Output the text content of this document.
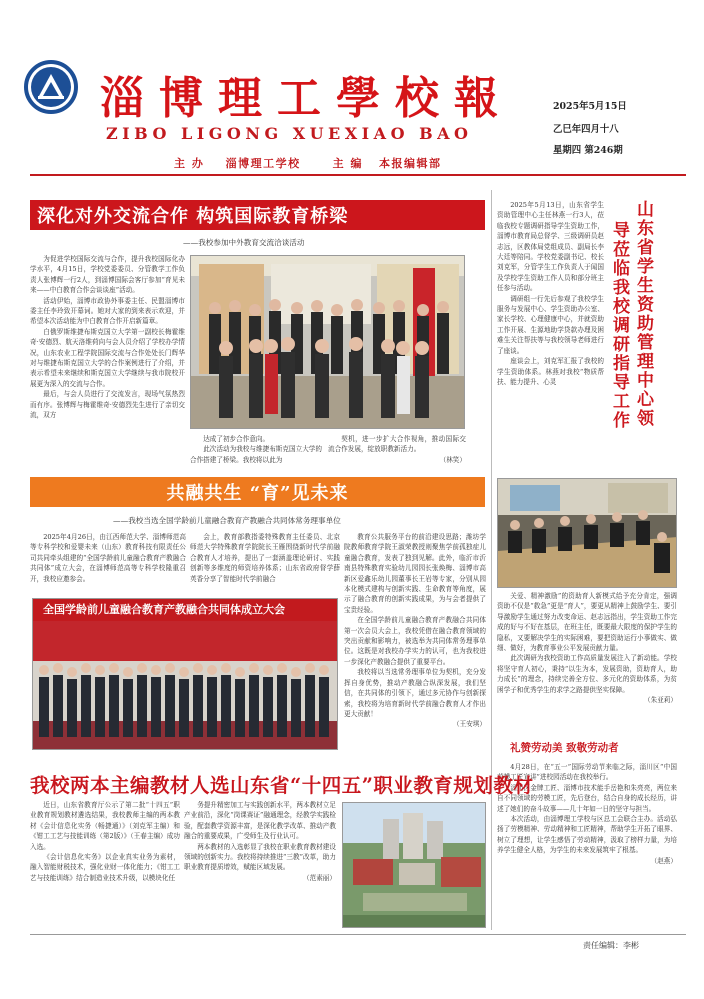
淄博理工學校報
ZIBO LIGONG XUEXIAO BAO
主 办 淄博理工学校	主 编 本报编辑部
2025年5月15日
乙巳年四月十八
星期四 第246期
深化对外交流合作 构筑国际教育桥梁
——我校参加中外教育交流洽谈活动

为促进学校国际交流与合作，提升我校国际化办学水平，4月15日，学校党委委员、分管教学工作负责人张博辉一行2人，到淄博国际会客厅参加“育见未来——中白教育合作会谈谈座”活动。

活动伊始，淄博市政协外事委主任、民盟淄博市委主任李玲致开幕词。她对大家的到来表示欢迎，并希望本次活动能为中白教育合作开启新篇章。

白俄罗斯维捷布斯克国立大学第一副校长梅霍维奇·安德烈、航天洛维荷向与会人员介绍了学校办学情况，山东农业工程学院国际交流与合作处处长门辉华对与维捷布斯克国立大学的合作案例进行了介绍，并表示希望未来继续和斯克国立大学继续与我市院校开展更为深入的交流与合作。

最后，与会人员进行了交流发言，现场气氛热烈而有序。张博辉与梅霍维奇·安德烈先生进行了亲切交流，双方

达成了初步合作意向。

此次活动为我校与维捷布斯克国立大学的合作搭建了桥梁。我校将以此为

契机，进一步扩大合作视角，推动国际交流合作发展，绽放职教新活力。

（林笑）

2025年5月13日，山东省学生资助管理中心主任林燕一行3人，莅临我校专题调研指导学生资助工作，淄博市教育局总督学、三级调研员赵志远，区教体局党组成员、副局长李大廷等陪同。学校党委副书记、校长刘克军，分管学生工作负责人于闻国及学校学生资助工作人员和部分班主任参与活动。

调研组一行先后参观了我校学生服务与发展中心、学生资助办公室、家长学校、心理健康中心，并就资助工作开展、生源地助学贷款办理及困难生关注帮扶等与我校领导老师进行了座谈。

座谈会上，刘克军汇报了我校的学生资助体系。林燕对我校“物质帮扶、能力提升、心灵

导莅临我校调研指导工作
山东省学生资助管理中心领

关爱、精神激励”的资助育人新模式给予充分肯定，强调资助不仅是“救急”更是“育人”，要更从精神上鼓励学生、要引导激励学生通过努力改变命运、赵志远指出，学生资助工作完成的好与不好在基层，在班主任，既要最大限度的保护学生的隐私，又要解决学生的实际困难，要把资助运行小事做实、做细、做好，为教育事业公平发展贡献力量。

此次调研为我校资助工作高质量发展注入了新动能。学校将坚守育人初心，秉持“以生为本，发展资助，资助育人，助力成长”的理念，持续完善全方位、多元化的资助体系，为贫困学子和优秀学生的求学之路提供坚实保障。

（朱亚莉）
礼赞劳动美 致敬劳动者

4月28日，在“五一”国际劳动节来临之际，淄川区“中国劳模工匠宣讲”进校园活动在我校举行。

淄川区金牌工匠、淄博市技术能手岳艳和朱亮亮，两位来自不同领域的劳模工匠，先后登台，结合自身的成长经历，讲述了她们的奋斗故事——几十年如一日的坚守与担当。

本次活动，由淄博理工学校与区总工会联合主办。活动弘扬了劳模精神、劳动精神和工匠精神，帮助学生开拓了眼界、树立了理想，让学生感悟了劳动精神，汲取了榜样力量，为培养学生健全人格，为学生的未来发展筑牢了根基。

（赵燕）
共融共生 “育”见未来
——我校当选全国学龄前儿童融合教育产教融合共同体常务理事单位

2025年4月26日，由江西师范大学、淄博师范高等专科学校和爱婴未来（山东）教育科技有限责任公司共同牵头组建的“全国学龄前儿童融合教育产教融合共同体”成立大会，在淄博师范高等专科学校隆重召开，我校应邀参会。

会上，教育部教指委特殊教育主任委员、北京师范大学特殊教育学院院长王雁围绕新时代学前融合教育人才培养，提出了一套涵盖理论研讨、实践创新等多维度的师资培养体系；山东省政府督学薛英香分享了智能时代学前融合

教育公共服务平台的前沿建设思路；潍坊学院教师教育学院王淑荣教授则聚焦学前孤独症儿童融合教育，发表了独到见解。此外，临沂市沂南县特殊教育实验幼儿园园长张焕梅、淄博市高新区爱鑫乐幼儿园董事长王岩等专家，分别从园本化模式建构与创新实践、生命教育等角度，展示了融合教育的创新实践成果，为与会者提供了宝贵经验。

在全国学龄前儿童融合教育产教融合共同体第一次会员大会上，我校凭借在融合教育领域的突出贡献和影响力，被选举为共同体常务理事单位。这既是对我校办学实力的认可，也为我校进一步深化产教融合提供了重要平台。

我校将以当选常务理事单位为契机，充分发挥自身优势，推动产教融合纵深发展，我们坚信，在共同体的引领下，通过多元协作与创新探索，我校将为培育新时代学前融合教育人才作出更大贡献！

（王安琪）
全国学龄前儿童融合教育产教融合共同体成立大会
我校两本主编教材人选山东省“十四五”职业教育规划教材

近日，山东省教育厅公示了第二批“十四五”职业教育规划教材遴选结果，我校教师主编的两本教材《会计信息化实务（畅捷通）》（刘克军主编）和《钳工工艺与技能训练（第2版）》（王春主编）成功入选。

《会计信息化实务》以企业真实业务为素材，融入智能财税技术，强化业财一体化能力；《钳工工艺与技能训练》结合制造业技术升级，以模块化任

务提升精密加工与实践创新水平，两本教材立足产业前沿，深化“岗课赛证”融通理念，经教学实践检验，配套教学资源丰富，是深化教学改革、推动产教融合的重要成果，广受师生及行业认可。

两本教材的入选彰显了我校在职业教育教材建设领域的创新实力。我校将持续推进“三教”改革，助力职业教育提质增效，赋能区域发展。

（范素丽）
责任编辑：李彬
